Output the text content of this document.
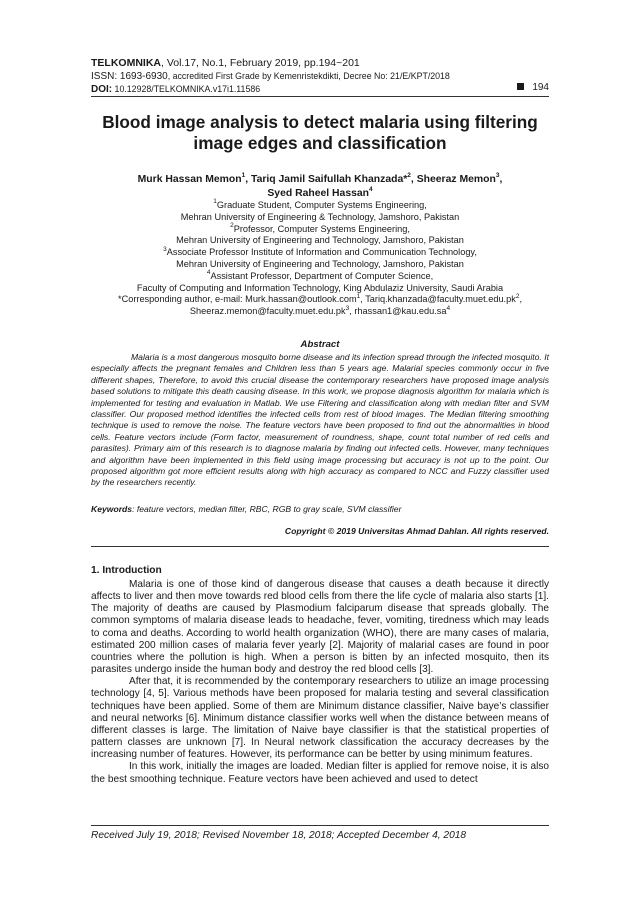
TELKOMNIKA, Vol.17, No.1, February 2019, pp.194~201
ISSN: 1693-6930, accredited First Grade by Kemenristekdikti, Decree No: 21/E/KPT/2018
DOI: 10.12928/TELKOMNIKA.v17i1.11586	194
Blood image analysis to detect malaria using filtering
image edges and classification
Murk Hassan Memon$^1$, Tariq Jamil Saifullah Khanzada*$^2$, Sheeraz Memon$^3$,
Syed Raheel Hassan$^4$
$^1$Graduate Student, Computer Systems Engineering,
Mehran University of Engineering & Technology, Jamshoro, Pakistan
$^2$Professor, Computer Systems Engineering,
Mehran University of Engineering and Technology, Jamshoro, Pakistan
$^3$Associate Professor Institute of Information and Communication Technology,
Mehran University of Engineering and Technology, Jamshoro, Pakistan
$^4$Assistant Professor, Department of Computer Science,
Faculty of Computing and Information Technology, King Abdulaziz University, Saudi Arabia
*Corresponding author, e-mail: Murk.hassan@outlook.com$^1$, $Tariq.khanzada@faculty.muet.edu.pk^2$,
$Sheeraz.memon@faculty.muet.edu.pk^3$, $rhassan1@kau.edu.sa^4$
Abstract
Malaria is a most dangerous mosquito borne disease and its infection spread through the infected mosquito. It especially affects the pregnant females and Children less than 5 years age. Malarial species commonly occur in five different shapes, Therefore, to avoid this crucial disease the contemporary researchers have proposed image analysis based solutions to mitigate this death causing disease. In this work, we propose diagnosis algorithm for malaria which is implemented for testing and evaluation in Matlab. We use Filtering and classification along with median filter and SVM classifier. Our proposed method identifies the infected cells from rest of blood images. The Median filtering smoothing technique is used to remove the noise. The feature vectors have been proposed to find out the abnormalities in blood cells. Feature vectors include (Form factor, measurement of roundness, shape, count total number of red cells and parasites). Primary aim of this research is to diagnose malaria by finding out infected cells. However, many techniques and algorithm have been implemented in this field using image processing but accuracy is not up to the point. Our proposed algorithm got more efficient results along with high accuracy as compared to NCC and Fuzzy classifier used by the researchers recently.
Keywords: feature vectors, median filter, RBC, RGB to gray scale, SVM classifier
Copyright © 2019 Universitas Ahmad Dahlan. All rights reserved.
1. Introduction

Malaria is one of those kind of dangerous disease that causes a death because it directly affects to liver and then move towards red blood cells from there the life cycle of malaria also starts [1]. The majority of deaths are caused by Plasmodium falciparum disease that spreads globally. The common symptoms of malaria disease leads to headache, fever, vomiting, tiredness which may leads to coma and deaths. According to world health organization (WHO), there are many cases of malaria, estimated 200 million cases of malaria fever yearly [2]. Majority of malarial cases are found in poor countries where the pollution is high. When a person is bitten by an infected mosquito, then its parasites undergo inside the human body and destroy the red blood cells [3].

After that, it is recommended by the contemporary researchers to utilize an image processing technology [4, 5]. Various methods have been proposed for malaria testing and several classification techniques have been applied. Some of them are Minimum distance classifier, Naive baye’s classifier and neural networks [6]. Minimum distance classifier works well when the distance between means of different classes is large. The limitation of Naive baye classifier is that the statistical properties of pattern classes are unknown [7]. In Neural network classification the accuracy decreases by the increasing number of features. However, its performance can be better by using minimum features.

In this work, initially the images are loaded. Median filter is applied for remove noise, it is also the best smoothing technique. Feature vectors have been achieved and used to detect

Received July 19, 2018; Revised November 18, 2018; Accepted December 4, 2018
